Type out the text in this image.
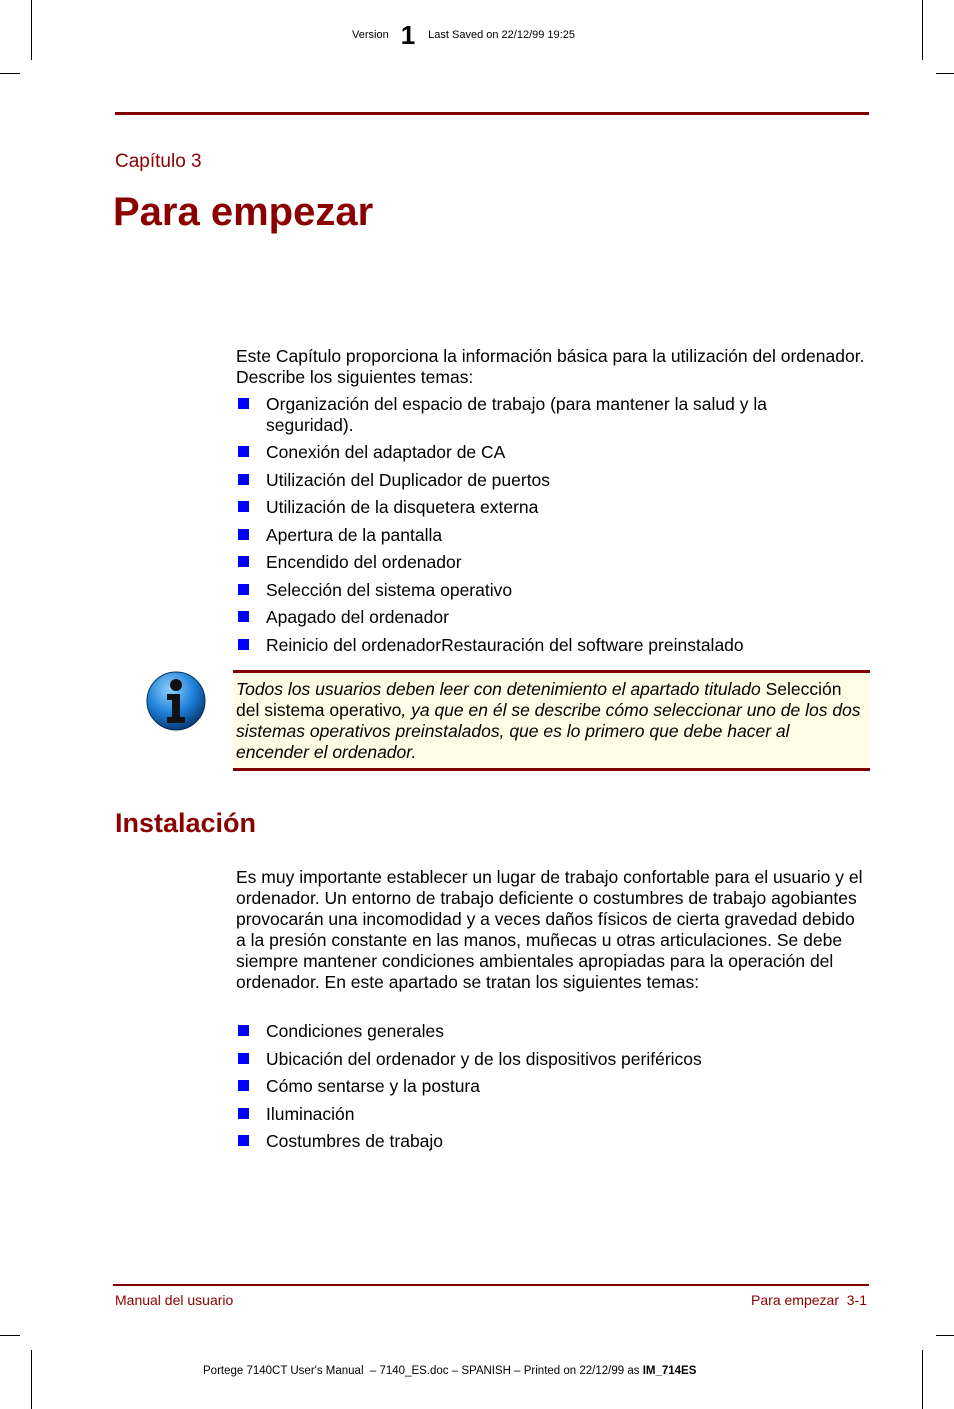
Version 1 Last Saved on 22/12/99 19:25
Capítulo 3
Para empezar
Este Capítulo proporciona la información básica para la utilización del ordenador. Describe los siguientes temas:
Organización del espacio de trabajo (para mantener la salud y la seguridad).
Conexión del adaptador de CA
Utilización del Duplicador de puertos
Utilización de la disquetera externa
Apertura de la pantalla
Encendido del ordenador
Selección del sistema operativo
Apagado del ordenador
Reinicio del ordenadorRestauración del software preinstalado
Todos los usuarios deben leer con detenimiento el apartado titulado Selección del sistema operativo, ya que en él se describe cómo seleccionar uno de los dos sistemas operativos preinstalados, que es lo primero que debe hacer al encender el ordenador.
Instalación
Es muy importante establecer un lugar de trabajo confortable para el usuario y el ordenador. Un entorno de trabajo deficiente o costumbres de trabajo agobiantes provocarán una incomodidad y a veces daños físicos de cierta gravedad debido a la presión constante en las manos, muñecas u otras articulaciones. Se debe siempre mantener condiciones ambientales apropiadas para la operación del ordenador. En este apartado se tratan los siguientes temas:
Condiciones generales
Ubicación del ordenador y de los dispositivos periféricos
Cómo sentarse y la postura
Iluminación
Costumbres de trabajo
Manual del usuario	Para empezar  3-1
Portege 7140CT User's Manual  – 7140_ES.doc – SPANISH – Printed on 22/12/99 as IM_714ES
